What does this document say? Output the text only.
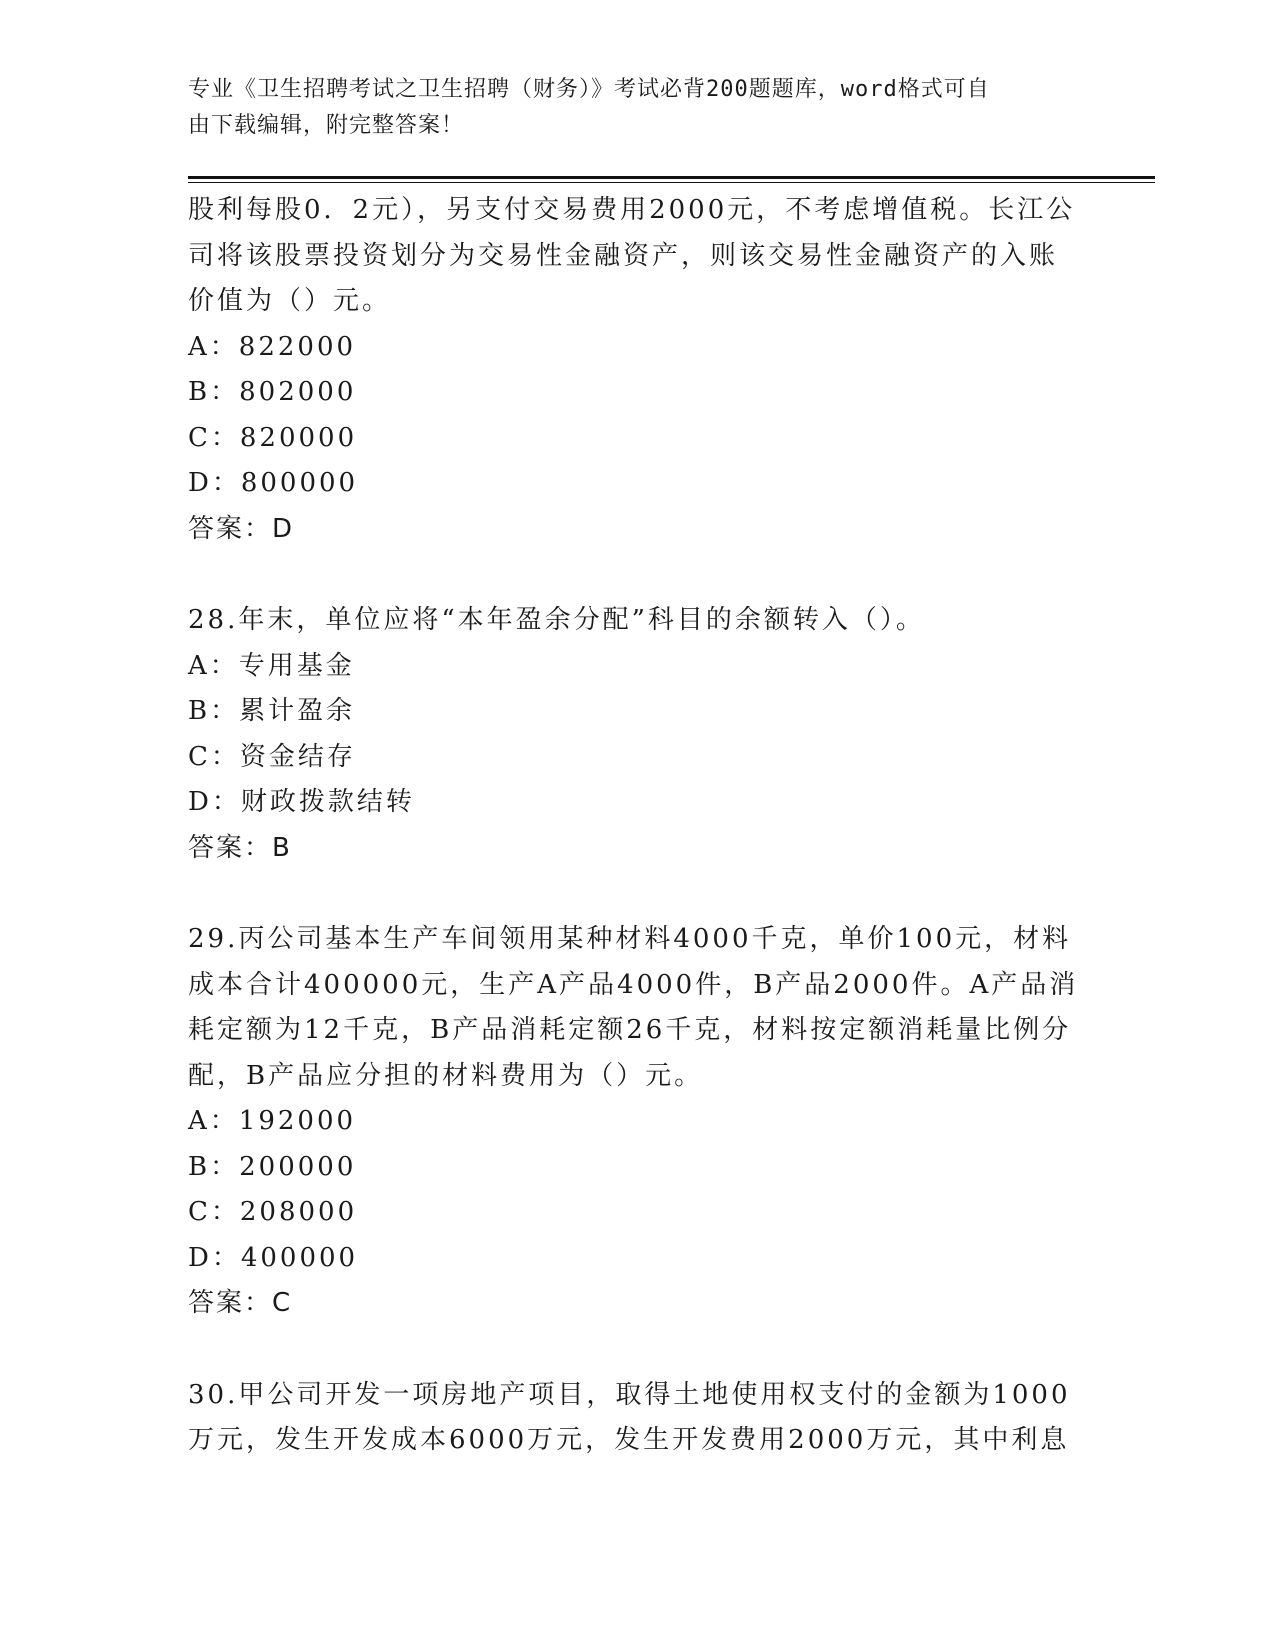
专业《卫生招聘考试之卫生招聘（财务）》考试必背200题题库，word格式可自
由下载编辑，附完整答案！
股利每股0．2元），另支付交易费用2000元，不考虑增值税。长江公
司将该股票投资划分为交易性金融资产，则该交易性金融资产的入账
价值为（）元。
A：822000
B：802000
C：820000
D：800000
答案：D
28.年末，单位应将“本年盈余分配”科目的余额转入（）。
A：专用基金
B：累计盈余
C：资金结存
D：财政拨款结转
答案：B
29.丙公司基本生产车间领用某种材料4000千克，单价100元，材料
成本合计400000元，生产A产品4000件，B产品2000件。A产品消
耗定额为12千克，B产品消耗定额26千克，材料按定额消耗量比例分
配，B产品应分担的材料费用为（）元。
A：192000
B：200000
C：208000
D：400000
答案：C
30.甲公司开发一项房地产项目，取得土地使用权支付的金额为1000
万元，发生开发成本6000万元，发生开发费用2000万元，其中利息
